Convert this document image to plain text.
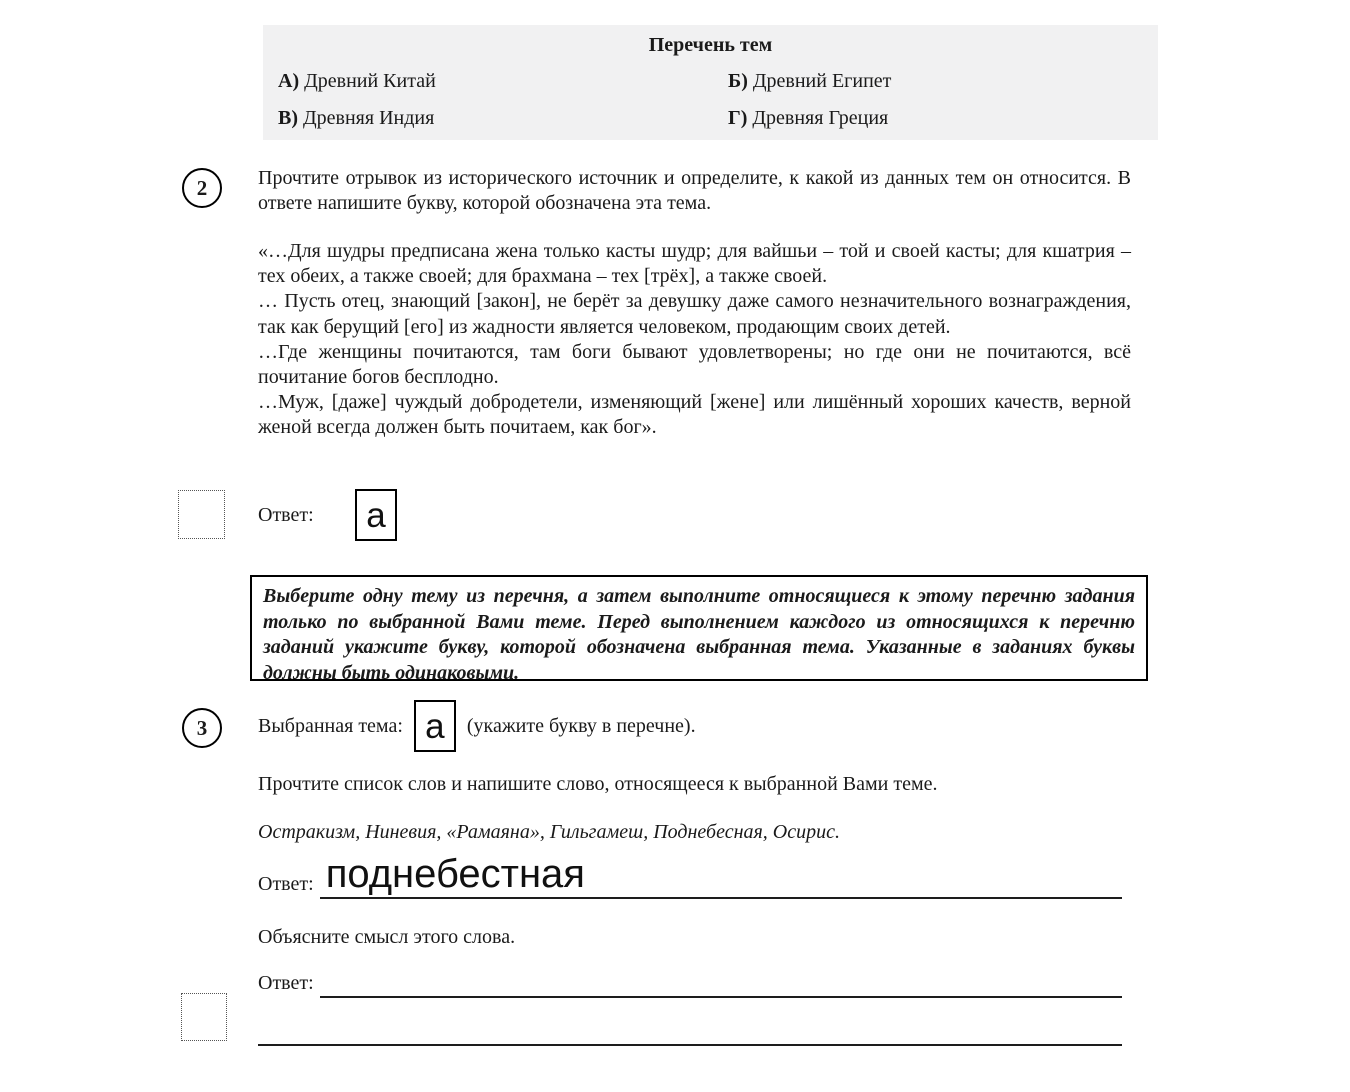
Перечень тем
А) Древний Китай	Б) Древний Египет
В) Древняя Индия	Г) Древняя Греция
2	Прочтите отрывок из исторического источник и определите, к какой из данных тем он относится. В ответе напишите букву, которой обозначена эта тема.

«…Для шудры предписана жена только касты шудр; для вайшьи – той и своей касты; для кшатрия – тех обеих, а также своей; для брахмана – тех [трёх], а также своей.

… Пусть отец, знающий [закон], не берёт за девушку даже самого незначительного вознаграждения, так как берущий [его] из жадности является человеком, продающим своих детей.

…Где женщины почитаются, там боги бывают удовлетворены; но где они не почитаются, всё почитание богов бесплодно.

…Муж, [даже] чуждый добродетели, изменяющий [жене] или лишённый хороших качеств, верной женой всегда должен быть почитаем, как бог».

Ответ:	а
Выберите одну тему из перечня, а затем выполните относящиеся к этому перечню задания только по выбранной Вами теме. Перед выполнением каждого из относящихся к перечню заданий укажите букву, которой обозначена выбранная тема. Указанные в заданиях буквы должны быть одинаковыми.
3	Выбранная тема: а	(укажите букву в перечне).
Прочтите список слов и напишите слово, относящееся к выбранной Вами теме.
Остракизм, Ниневия, «Рамаяна», Гильгамеш, Поднебесная, Осирис.
Ответ: поднебестная
Объясните смысл этого слова.
Ответ:
